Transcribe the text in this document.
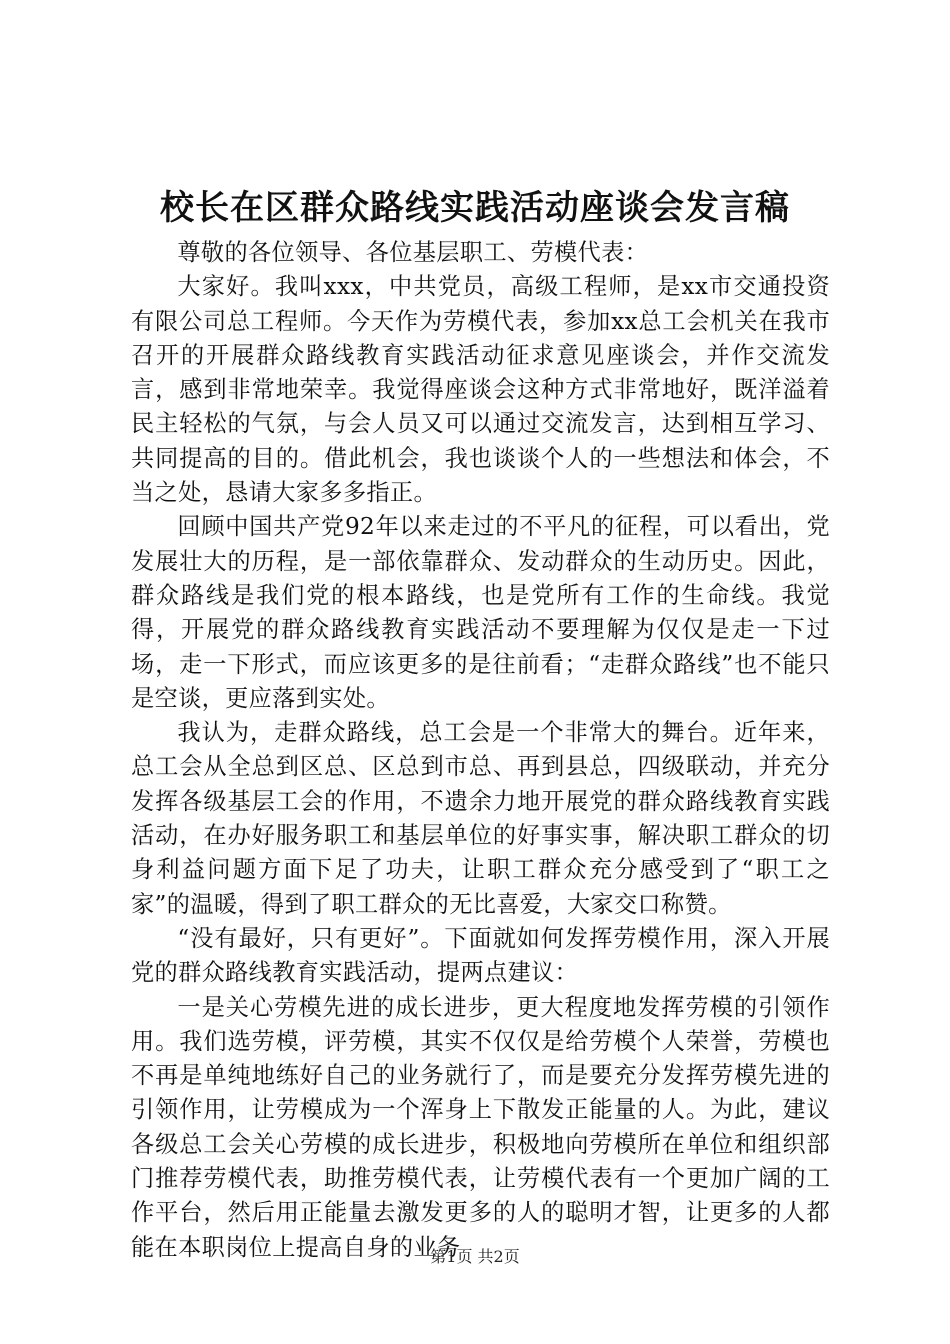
校长在区群众路线实践活动座谈会发言稿

尊敬的各位领导、各位基层职工、劳模代表：

大家好。我叫xxx，中共党员，高级工程师，是xx市交通投资有限公司总工程师。今天作为劳模代表，参加xx总工会机关在我市召开的开展群众路线教育实践活动征求意见座谈会，并作交流发言，感到非常地荣幸。我觉得座谈会这种方式非常地好，既洋溢着民主轻松的气氛，与会人员又可以通过交流发言，达到相互学习、共同提高的目的。借此机会，我也谈谈个人的一些想法和体会，不当之处，恳请大家多多指正。

回顾中国共产党92年以来走过的不平凡的征程，可以看出，党发展壮大的历程，是一部依靠群众、发动群众的生动历史。因此，群众路线是我们党的根本路线，也是党所有工作的生命线。我觉得，开展党的群众路线教育实践活动不要理解为仅仅是走一下过场，走一下形式，而应该更多的是往前看；“走群众路线”也不能只是空谈，更应落到实处。

我认为，走群众路线，总工会是一个非常大的舞台。近年来，总工会从全总到区总、区总到市总、再到县总，四级联动，并充分发挥各级基层工会的作用，不遗余力地开展党的群众路线教育实践活动，在办好服务职工和基层单位的好事实事，解决职工群众的切身利益问题方面下足了功夫，让职工群众充分感受到了“职工之家”的温暖，得到了职工群众的无比喜爱，大家交口称赞。

“没有最好，只有更好”。下面就如何发挥劳模作用，深入开展党的群众路线教育实践活动，提两点建议：

一是关心劳模先进的成长进步，更大程度地发挥劳模的引领作用。我们选劳模，评劳模，其实不仅仅是给劳模个人荣誉，劳模也不再是单纯地练好自己的业务就行了，而是要充分发挥劳模先进的引领作用，让劳模成为一个浑身上下散发正能量的人。为此，建议各级总工会关心劳模的成长进步，积极地向劳模所在单位和组织部门推荐劳模代表，助推劳模代表，让劳模代表有一个更加广阔的工作平台，然后用正能量去激发更多的人的聪明才智，让更多的人都能在本职岗位上提高自身的业务

第1页 共2页
